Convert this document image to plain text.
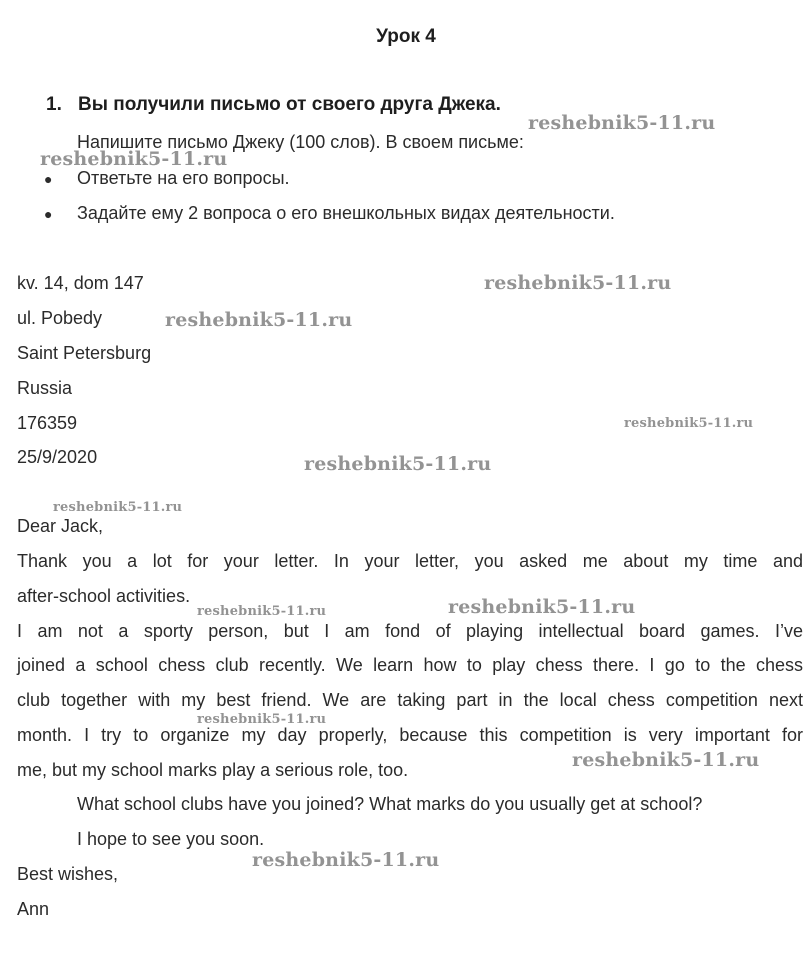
Урок 4
1. Вы получили письмо от своего друга Джека.
Напишите письмо Джеку (100 слов). В своем письме:
● Ответьте на его вопросы.
● Задайте ему 2 вопроса о его внешкольных видах деятельности.
kv. 14, dom 147
ul. Pobedy
Saint Petersburg
Russia
176359
25/9/2020
Dear Jack,
Thank you a lot for your letter. In your letter, you asked me about my time and
after-school activities.
I am not a sporty person, but I am fond of playing intellectual board games. I’ve
joined a school chess club recently. We learn how to play chess there. I go to the chess
club together with my best friend. We are taking part in the local chess competition next
month. I try to organize my day properly, because this competition is very important for
me, but my school marks play a serious role, too.
What school clubs have you joined? What marks do you usually get at school?
I hope to see you soon.
Best wishes,
Ann
reshebnik5-11.ru
reshebnik5-11.ru
reshebnik5-11.ru
reshebnik5-11.ru
reshebnik5-11.ru
reshebnik5-11.ru
reshebnik5-11.ru
reshebnik5-11.ru	reshebnik5-11.ru
reshebnik5-11.ru
reshebnik5-11.ru
reshebnik5-11.ru
